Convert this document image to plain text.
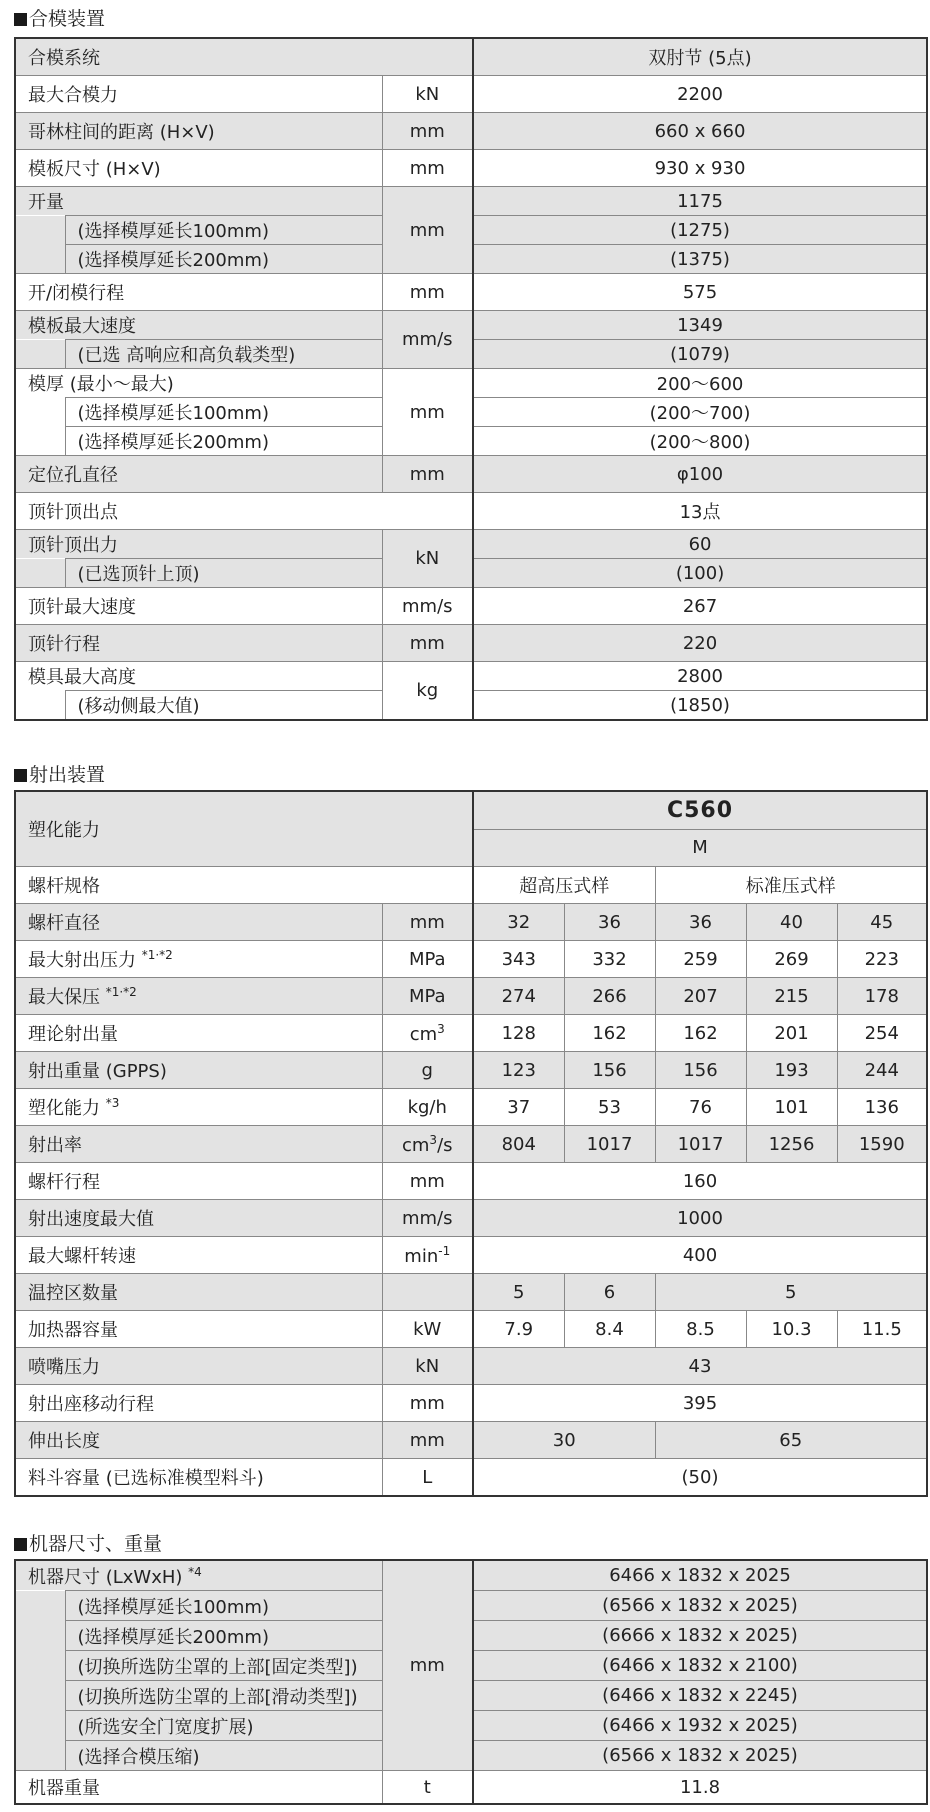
合模装置
合模系统			双肘节 (5点)
最大合模力		kN	2200
哥林柱间的距离 (H×V)		mm	660 x 660
模板尺寸 (H×V)		mm	930 x 930
开量		mm	1175
	(选择模厚延长100mm)		(1275)
	(选择模厚延长200mm)		(1375)
开/闭模行程		mm	575
模板最大速度		mm/s	1349
	(已选 高响应和高负载类型)		(1079)
模厚 (最小～最大)		mm	200～600
	(选择模厚延长100mm)		(200～700)
	(选择模厚延长200mm)		(200～800)
定位孔直径		mm	φ100
顶针顶出点			13点
顶针顶出力		kN	60
	(已选顶针上顶)		(100)
顶针最大速度		mm/s	267
顶针行程		mm	220
模具最大高度		kg	2800
	(移动侧最大值)		(1850)
射出装置
塑化能力		C560				
		M				
螺杆规格		超高压式样		标准压式样		
螺杆直径	mm	32	36	36	40	45
最大射出压力 $^{*1\cdot*2}$	MPa	343	332	259	269	223
最大保压 $^{*1\cdot*2}$	MPa	274	266	207	215	178
理论射出量	$cm^3$	128	162	162	201	254
射出重量 (GPPS)	g	123	156	156	193	244
塑化能力 $^{*3}$	kg/h	37	53	76	101	136
射出率	$cm^3/s$	804	1017	1017	1256	1590
螺杆行程	mm	160				
射出速度最大值	mm/s	1000				
最大螺杆转速	$\min^{-1}$	400				
温控区数量		5	6	5		
加热器容量	kW	7.9	8.4	8.5	10.3	11.5
喷嘴压力	kN	43				
射出座移动行程	mm	395				
伸出长度	mm	30		65		
料斗容量 (已选标准模型料斗)	L	(50)				
机器尺寸、重量
机器尺寸 (LxWxH) $^{*4}$		mm	6466 x 1832 x 2025
	(选择模厚延长100mm)		(6566 x 1832 x 2025)
	(选择模厚延长200mm)		(6666 x 1832 x 2025)
	(切换所选防尘罩的上部[固定类型])		(6466 x 1832 x 2100)
	(切换所选防尘罩的上部[滑动类型])		(6466 x 1832 x 2245)
	(所选安全门宽度扩展)		(6466 x 1932 x 2025)
	(选择合模压缩)		(6566 x 1832 x 2025)
机器重量		t	11.8
